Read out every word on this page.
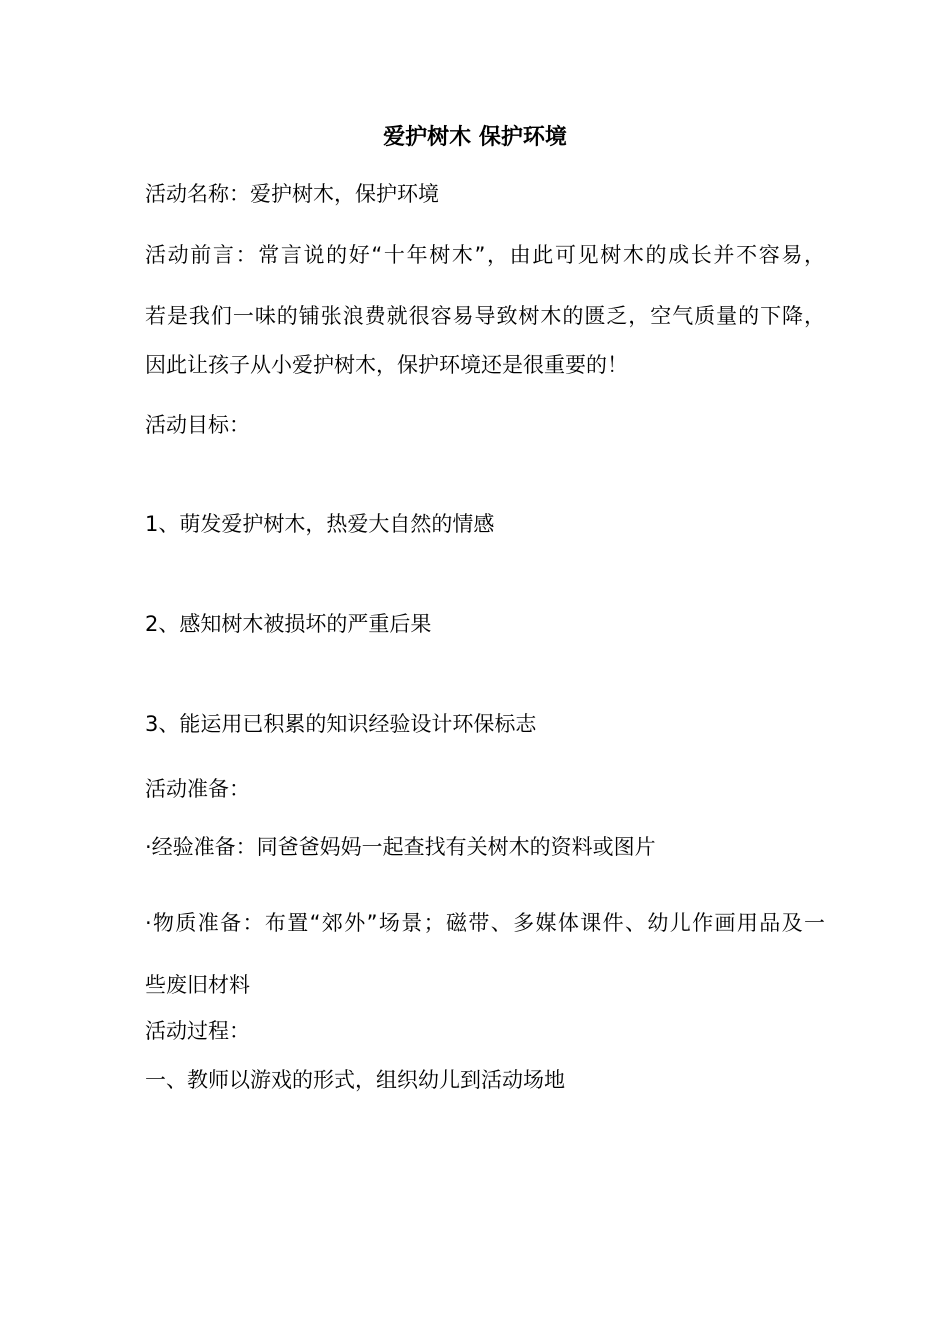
爱护树木 保护环境
活动名称：爱护树木，保护环境
活动前言：常言说的好“十年树木”，由此可见树木的成长并不容易，
若是我们一味的铺张浪费就很容易导致树木的匮乏，空气质量的下降，
因此让孩子从小爱护树木，保护环境还是很重要的！
活动目标：
1、萌发爱护树木，热爱大自然的情感
2、感知树木被损坏的严重后果
3、能运用已积累的知识经验设计环保标志
活动准备：
·经验准备：同爸爸妈妈一起查找有关树木的资料或图片
·物质准备：布置“郊外”场景；磁带、多媒体课件、幼儿作画用品及一
些废旧材料
活动过程：
一、教师以游戏的形式，组织幼儿到活动场地
